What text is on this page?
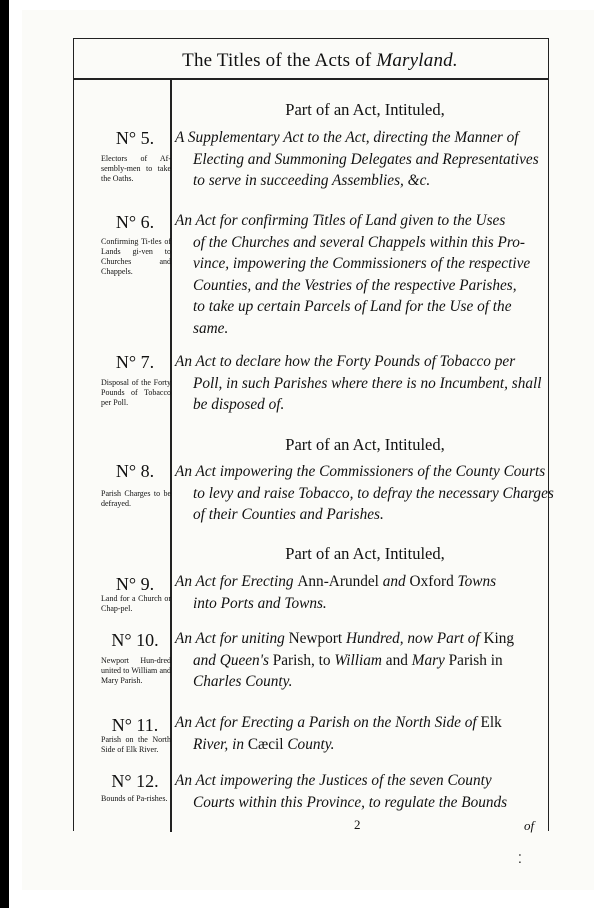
The Titles of the Acts of Maryland.
Part of an Act, Intituled,
Part of an Act, Intituled,
Part of an Act, Intituled,
N° 5.
Electors of Af-sembly-men to take the Oaths.
A Supplementary Act to the Act, directing the Manner of
Electing and Summoning Delegates and Representatives
to serve in succeeding Assemblies, &c.
N° 6.
Confirming Ti-tles of Lands gi-ven to Churches and Chappels.
An Act for confirming Titles of Land given to the Uses
of the Churches and several Chappels within this Pro-
vince, impowering the Commissioners of the respective
Counties, and the Vestries of the respective Parishes,
to take up certain Parcels of Land for the Use of the
same.
N° 7.
Disposal of the Forty Pounds of Tobacco per Poll.
An Act to declare how the Forty Pounds of Tobacco per
Poll, in such Parishes where there is no Incumbent, shall
be disposed of.
N° 8.
Parish Charges to be defrayed.
An Act impowering the Commissioners of the County Courts
to levy and raise Tobacco, to defray the necessary Charges
of their Counties and Parishes.
N° 9.
Land for a Church or Chap-pel.
An Act for Erecting Ann-Arundel and Oxford Towns
into Ports and Towns.
N° 10.
Newport Hun-dred united to William and Mary Parish.
An Act for uniting Newport Hundred, now Part of King
and Queen's Parish, to William and Mary Parish in
Charles County.
N° 11.
Parish on the North Side of Elk River.
An Act for Erecting a Parish on the North Side of Elk
River, in Cæcil County.
N° 12.
Bounds of Pa-rishes.
An Act impowering the Justices of the seven County
Courts within this Province, to regulate the Bounds
2	of
⁚
